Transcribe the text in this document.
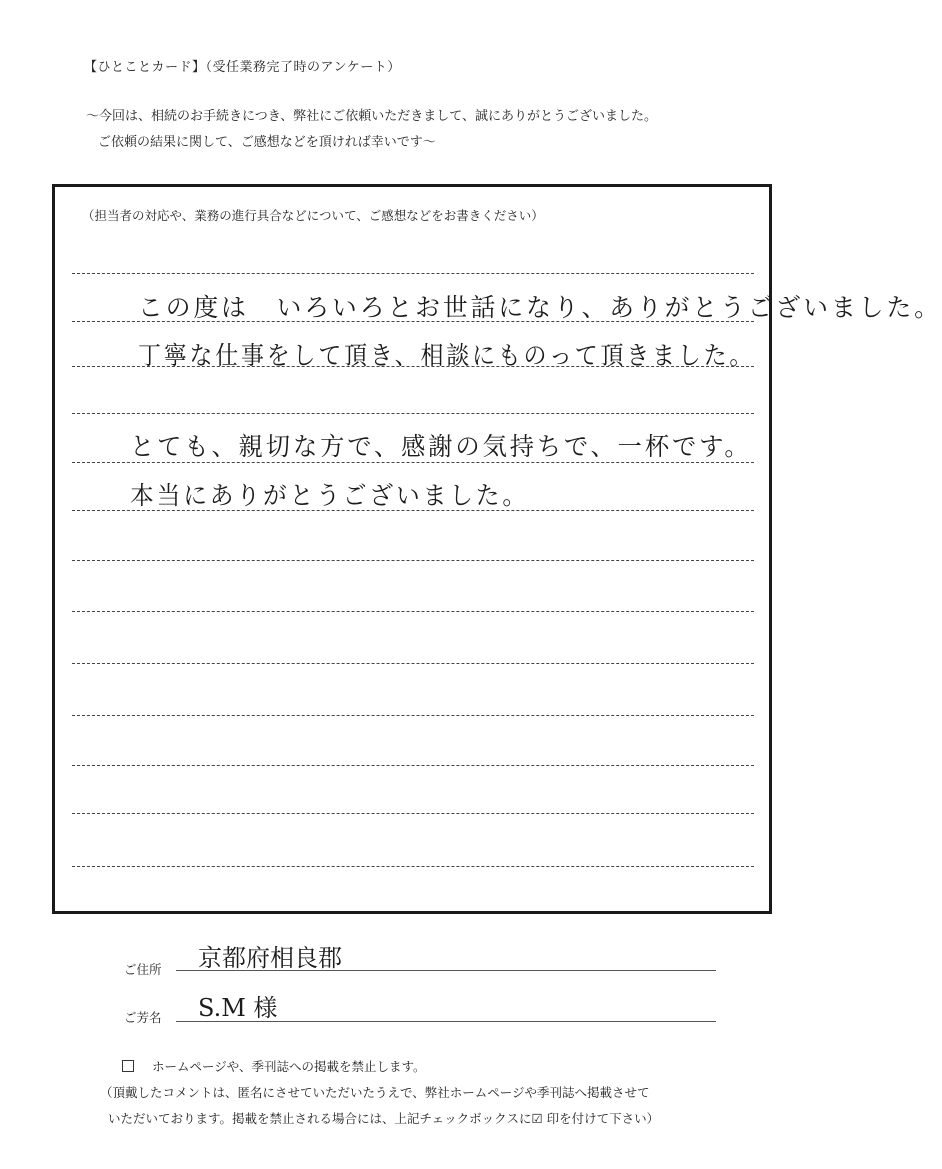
【ひとことカード】（受任業務完了時のアンケート）
～今回は、相続のお手続きにつき、弊社にご依頼いただきまして、誠にありがとうございました。
ご依頼の結果に関して、ご感想などを頂ければ幸いです～
（担当者の対応や、業務の進行具合などについて、ご感想などをお書きください）
この度は　いろいろとお世話になり、ありがとうございました。
丁寧な仕事をして頂き、相談にものって頂きました。
とても、親切な方で、感謝の気持ちで、一杯です。
本当にありがとうございました。
ご住所 京都府相良郡
ご芳名 S.M 様
ホームページや、季刊誌への掲載を禁止します。
（頂戴したコメントは、匿名にさせていただいたうえで、弊社ホームページや季刊誌へ掲載させて
いただいております。掲載を禁止される場合には、上記チェックボックスに☑ 印を付けて下さい）
